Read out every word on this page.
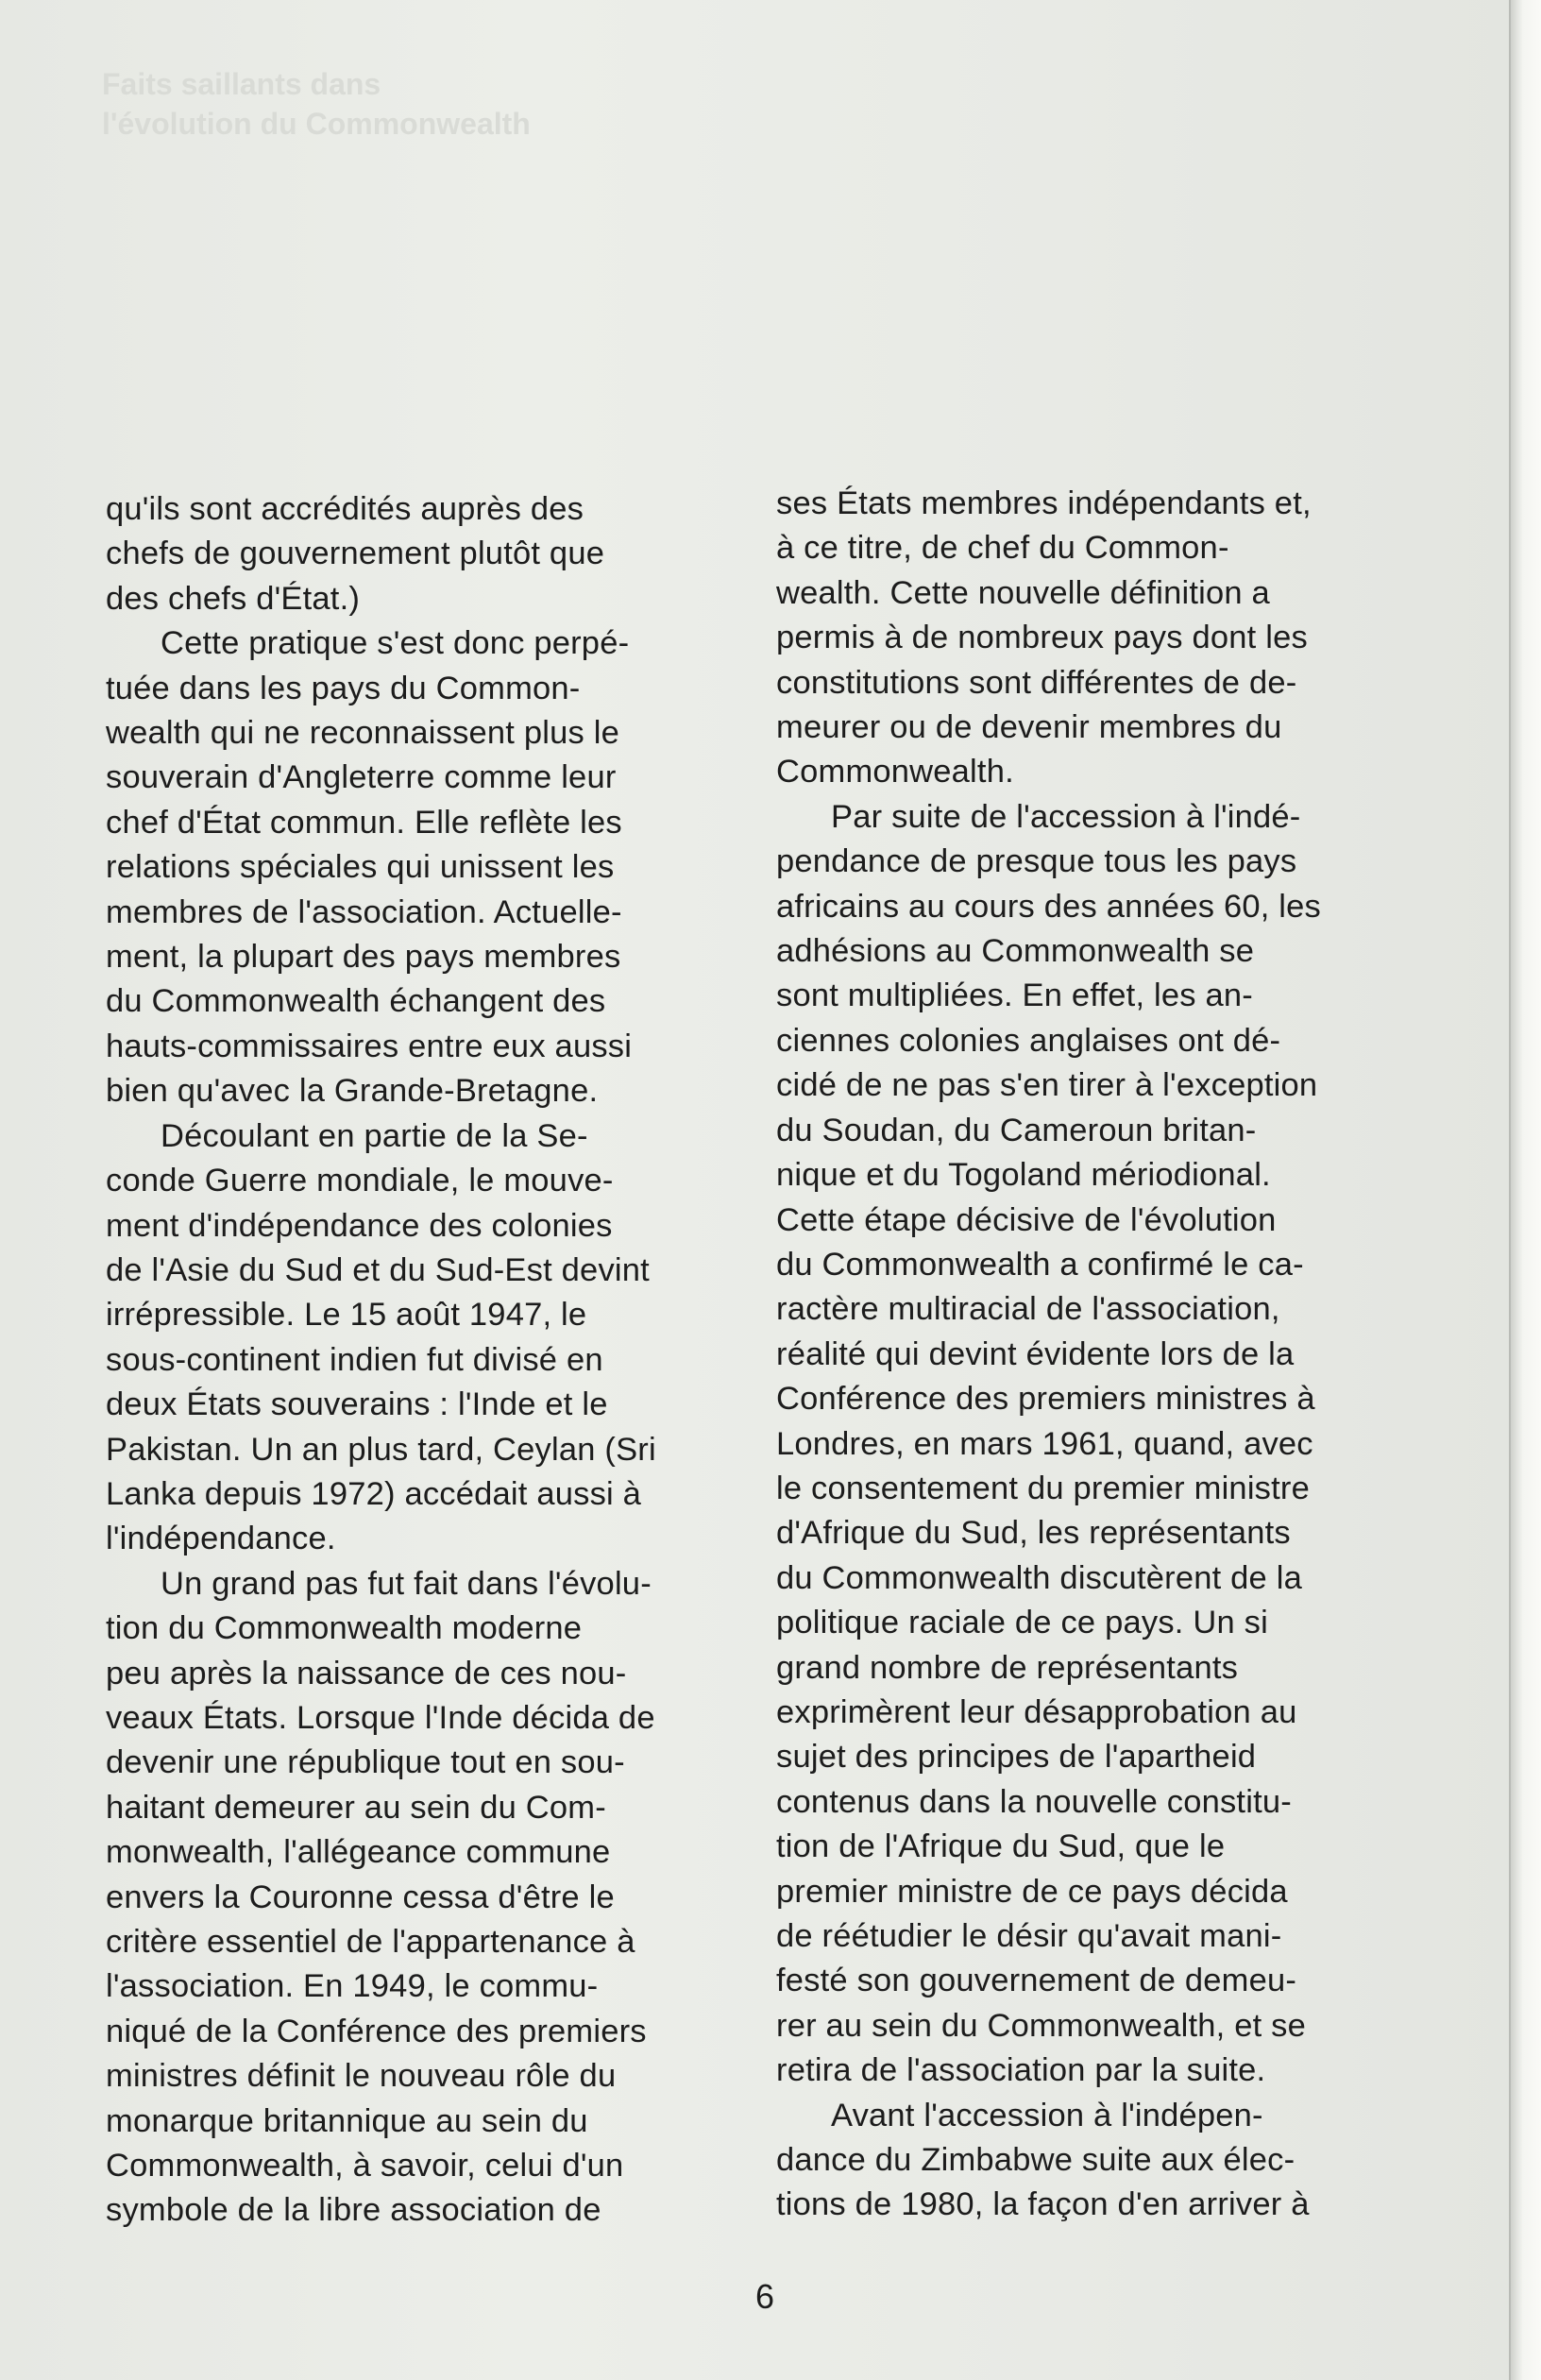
Faits saillants dans
l'évolution du Commonwealth

qu'ils sont accrédités auprès des
chefs de gouvernement plutôt que
des chefs d'État.)

Cette pratique s'est donc perpé-
tuée dans les pays du Common-
wealth qui ne reconnaissent plus le
souverain d'Angleterre comme leur
chef d'État commun. Elle reflète les
relations spéciales qui unissent les
membres de l'association. Actuelle-
ment, la plupart des pays membres
du Commonwealth échangent des
hauts-commissaires entre eux aussi
bien qu'avec la Grande-Bretagne.

Découlant en partie de la Se-
conde Guerre mondiale, le mouve-
ment d'indépendance des colonies
de l'Asie du Sud et du Sud-Est devint
irrépressible. Le 15 août 1947, le
sous-continent indien fut divisé en
deux États souverains : l'Inde et le
Pakistan. Un an plus tard, Ceylan (Sri
Lanka depuis 1972) accédait aussi à
l'indépendance.

Un grand pas fut fait dans l'évolu-
tion du Commonwealth moderne
peu après la naissance de ces nou-
veaux États. Lorsque l'Inde décida de
devenir une république tout en sou-
haitant demeurer au sein du Com-
monwealth, l'allégeance commune
envers la Couronne cessa d'être le
critère essentiel de l'appartenance à
l'association. En 1949, le commu-
niqué de la Conférence des premiers
ministres définit le nouveau rôle du
monarque britannique au sein du
Commonwealth, à savoir, celui d'un
symbole de la libre association de

ses États membres indépendants et,
à ce titre, de chef du Common-
wealth. Cette nouvelle définition a
permis à de nombreux pays dont les
constitutions sont différentes de de-
meurer ou de devenir membres du
Commonwealth.

Par suite de l'accession à l'indé-
pendance de presque tous les pays
africains au cours des années 60, les
adhésions au Commonwealth se
sont multipliées. En effet, les an-
ciennes colonies anglaises ont dé-
cidé de ne pas s'en tirer à l'exception
du Soudan, du Cameroun britan-
nique et du Togoland mériodional.
Cette étape décisive de l'évolution
du Commonwealth a confirmé le ca-
ractère multiracial de l'association,
réalité qui devint évidente lors de la
Conférence des premiers ministres à
Londres, en mars 1961, quand, avec
le consentement du premier ministre
d'Afrique du Sud, les représentants
du Commonwealth discutèrent de la
politique raciale de ce pays. Un si
grand nombre de représentants
exprimèrent leur désapprobation au
sujet des principes de l'apartheid
contenus dans la nouvelle constitu-
tion de l'Afrique du Sud, que le
premier ministre de ce pays décida
de réétudier le désir qu'avait mani-
festé son gouvernement de demeu-
rer au sein du Commonwealth, et se
retira de l'association par la suite.

Avant l'accession à l'indépen-
dance du Zimbabwe suite aux élec-
tions de 1980, la façon d'en arriver à

6
